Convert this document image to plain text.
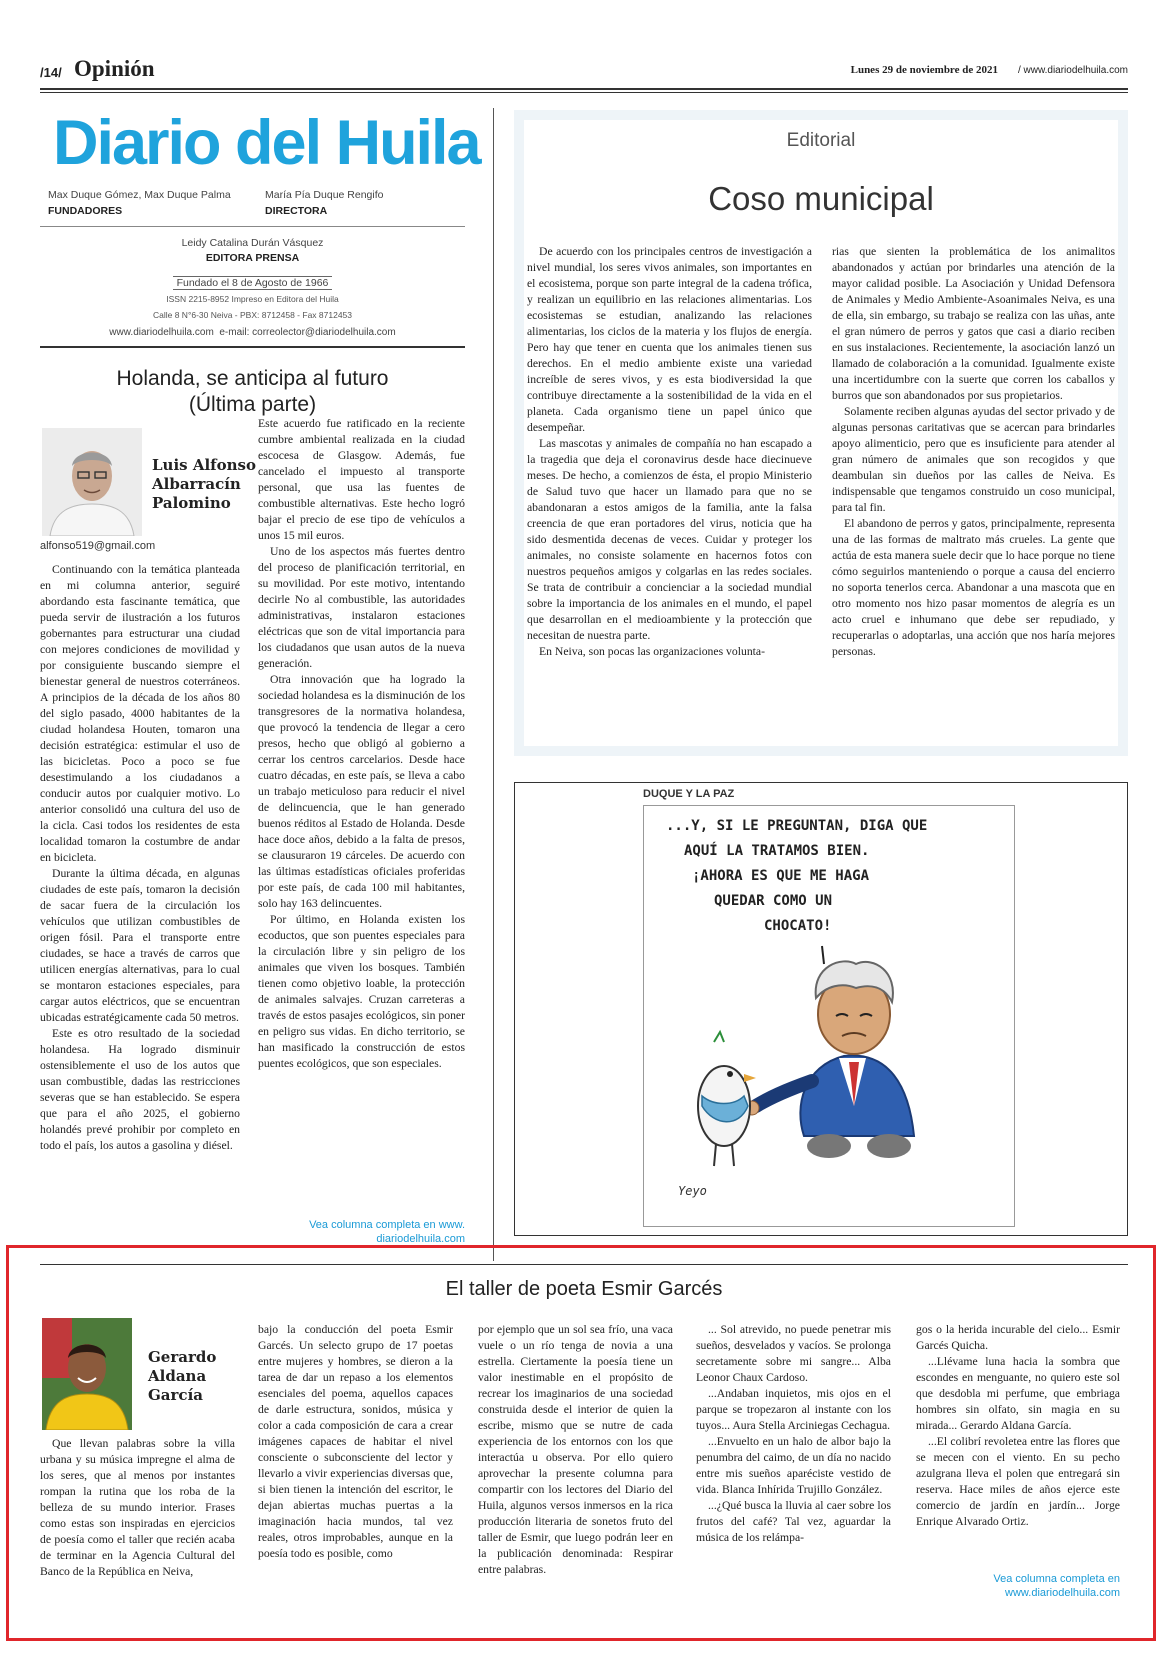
/14/ Opinión	Lunes 29 de noviembre de 2021 / www.diariodelhuila.com
Diario del Huila
Max Duque Gómez, Max Duque Palma
FUNDADORES
María Pía Duque Rengifo
DIRECTORA
Leidy Catalina Durán Vásquez
EDITORA PRENSA
Fundado el 8 de Agosto de 1966
ISSN 2215-8952 Impreso en Editora del Huila
Calle 8 N°6-30 Neiva - PBX: 8712458 - Fax 8712453
www.diariodelhuila.com  e-mail: correolector@diariodelhuila.com
Holanda, se anticipa al futuro
(Última parte)
Luis Alfonso Albarracín Palomino
alfonso519@gmail.com

Continuando con la temática planteada en mi columna anterior, seguiré abordando esta fascinante temática, que pueda servir de ilustración a los futuros gobernantes para estructurar una ciudad con mejores condiciones de movilidad y por consiguiente buscando siempre el bienestar general de nuestros coterráneos. A principios de la década de los años 80 del siglo pasado, 4000 habitantes de la ciudad holandesa Houten, tomaron una decisión estratégica: estimular el uso de las bicicletas. Poco a poco se fue desestimulando a los ciudadanos a conducir autos por cualquier motivo. Lo anterior consolidó una cultura del uso de la cicla. Casi todos los residentes de esta localidad tomaron la costumbre de andar en bicicleta.

Durante la última década, en algunas ciudades de este país, tomaron la decisión de sacar fuera de la circulación los vehículos que utilizan combustibles de origen fósil. Para el transporte entre ciudades, se hace a través de carros que utilicen energías alternativas, para lo cual se montaron estaciones especiales, para cargar autos eléctricos, que se encuentran ubicadas estratégicamente cada 50 metros.

Este es otro resultado de la sociedad holandesa. Ha logrado disminuir ostensiblemente el uso de los autos que usan combustible, dadas las restricciones severas que se han establecido. Se espera que para el año 2025, el gobierno holandés prevé prohibir por completo en todo el país, los autos a gasolina y diésel.

Este acuerdo fue ratificado en la reciente cumbre ambiental realizada en la ciudad escocesa de Glasgow. Además, fue cancelado el impuesto al transporte personal, que usa las fuentes de combustible alternativas. Este hecho logró bajar el precio de ese tipo de vehículos a unos 15 mil euros.

Uno de los aspectos más fuertes dentro del proceso de planificación territorial, en su movilidad. Por este motivo, intentando decirle No al combustible, las autoridades administrativas, instalaron estaciones eléctricas que son de vital importancia para los ciudadanos que usan autos de la nueva generación.

Otra innovación que ha logrado la sociedad holandesa es la disminución de los transgresores de la normativa holandesa, que provocó la tendencia de llegar a cero presos, hecho que obligó al gobierno a cerrar los centros carcelarios. Desde hace cuatro décadas, en este país, se lleva a cabo un trabajo meticuloso para reducir el nivel de delincuencia, que le han generado buenos réditos al Estado de Holanda. Desde hace doce años, debido a la falta de presos, se clausuraron 19 cárceles. De acuerdo con las últimas estadísticas oficiales proferidas por este país, de cada 100 mil habitantes, solo hay 163 delincuentes.

Por último, en Holanda existen los ecoductos, que son puentes especiales para la circulación libre y sin peligro de los animales que viven los bosques. También tienen como objetivo loable, la protección de animales salvajes. Cruzan carreteras a través de estos pasajes ecológicos, sin poner en peligro sus vidas. En dicho territorio, se han masificado la construcción de estos puentes ecológicos, que son especiales.

Vea columna completa en www.
diariodelhuila.com
Editorial
Coso municipal

De acuerdo con los principales centros de investigación a nivel mundial, los seres vivos animales, son importantes en el ecosistema, porque son parte integral de la cadena trófica, y realizan un equilibrio en las relaciones alimentarias. Los ecosistemas se estudian, analizando las relaciones alimentarias, los ciclos de la materia y los flujos de energía. Pero hay que tener en cuenta que los animales tienen sus derechos. En el medio ambiente existe una variedad increíble de seres vivos, y es esta biodiversidad la que contribuye directamente a la sostenibilidad de la vida en el planeta. Cada organismo tiene un papel único que desempeñar.

Las mascotas y animales de compañía no han escapado a la tragedia que deja el coronavirus desde hace diecinueve meses. De hecho, a comienzos de ésta, el propio Ministerio de Salud tuvo que hacer un llamado para que no se abandonaran a estos amigos de la familia, ante la falsa creencia de que eran portadores del virus, noticia que ha sido desmentida decenas de veces. Cuidar y proteger los animales, no consiste solamente en hacernos fotos con nuestros pequeños amigos y colgarlas en las redes sociales. Se trata de contribuir a concienciar a la sociedad mundial sobre la importancia de los animales en el mundo, el papel que desarrollan en el medioambiente y la protección que necesitan de nuestra parte.

En Neiva, son pocas las organizaciones volunta-

rias que sienten la problemática de los animalitos abandonados y actúan por brindarles una atención de la mayor calidad posible. La Asociación y Unidad Defensora de Animales y Medio Ambiente-Asoanimales Neiva, es una de ella, sin embargo, su trabajo se realiza con las uñas, ante el gran número de perros y gatos que casi a diario reciben en sus instalaciones. Recientemente, la asociación lanzó un llamado de colaboración a la comunidad. Igualmente existe una incertidumbre con la suerte que corren los caballos y burros que son abandonados por sus propietarios.

Solamente reciben algunas ayudas del sector privado y de algunas personas caritativas que se acercan para brindarles apoyo alimenticio, pero que es insuficiente para atender al gran número de animales que son recogidos y que deambulan sin dueños por las calles de Neiva. Es indispensable que tengamos construido un coso municipal, para tal fin.

El abandono de perros y gatos, principalmente, representa una de las formas de maltrato más crueles. La gente que actúa de esta manera suele decir que lo hace porque no tiene cómo seguirlos manteniendo o porque a causa del encierro no soporta tenerlos cerca. Abandonar a una mascota que en otro momento nos hizo pasar momentos de alegría es un acto cruel e inhumano que debe ser repudiado, y recuperarlas o adoptarlas, una acción que nos haría mejores personas.

DUQUE Y LA PAZ
...Y, SI LE PREGUNTAN, DIGA QUE
AQUÍ LA TRATAMOS BIEN.
¡AHORA ES QUE ME HAGA
QUEDAR COMO UN
CHOCATO!
Yeyo
El taller de poeta Esmir Garcés
Gerardo Aldana García

Que llevan palabras sobre la villa urbana y su música impregne el alma de los seres, que al menos por instantes rompan la rutina que los roba de la belleza de su mundo interior. Frases como estas son inspiradas en ejercicios de poesía como el taller que recién acaba de terminar en la Agencia Cultural del Banco de la República en Neiva,

bajo la conducción del poeta Esmir Garcés. Un selecto grupo de 17 poetas entre mujeres y hombres, se dieron a la tarea de dar un repaso a los elementos esenciales del poema, aquellos capaces de darle estructura, sonidos, música y color a cada composición de cara a crear imágenes capaces de habitar el nivel consciente o subconsciente del lector y llevarlo a vivir experiencias diversas que, si bien tienen la intención del escritor, le dejan abiertas muchas puertas a la imaginación hacia mundos, tal vez reales, otros improbables, aunque en la poesía todo es posible, como

por ejemplo que un sol sea frío, una vaca vuele o un río tenga de novia a una estrella. Ciertamente la poesía tiene un valor inestimable en el propósito de recrear los imaginarios de una sociedad construida desde el interior de quien la escribe, mismo que se nutre de cada experiencia de los entornos con los que interactúa u observa. Por ello quiero aprovechar la presente columna para compartir con los lectores del Diario del Huila, algunos versos inmersos en la rica producción literaria de sonetos fruto del taller de Esmir, que luego podrán leer en la publicación denominada: Respirar entre palabras.

... Sol atrevido, no puede penetrar mis sueños, desvelados y vacíos. Se prolonga secretamente sobre mi sangre... Alba Leonor Chaux Cardoso.

...Andaban inquietos, mis ojos en el parque se tropezaron al instante con los tuyos... Aura Stella Arciniegas Cechagua.

...Envuelto en un halo de albor bajo la penumbra del caimo, de un día no nacido entre mis sueños aparéciste vestido de vida. Blanca Inhírida Trujillo González.

...¿Qué busca la lluvia al caer sobre los frutos del café? Tal vez, aguardar la música de los relámpa-

gos o la herida incurable del cielo... Esmir Garcés Quicha.

...Llévame luna hacia la sombra que escondes en menguante, no quiero este sol que desdobla mi perfume, que embriaga hombres sin olfato, sin magia en su mirada... Gerardo Aldana García.

...El colibrí revoletea entre las flores que se mecen con el viento. En su pecho azulgrana lleva el polen que entregará sin reserva. Hace miles de años ejerce este comercio de jardín en jardín... Jorge Enrique Alvarado Ortiz.

Vea columna completa en
www.diariodelhuila.com
